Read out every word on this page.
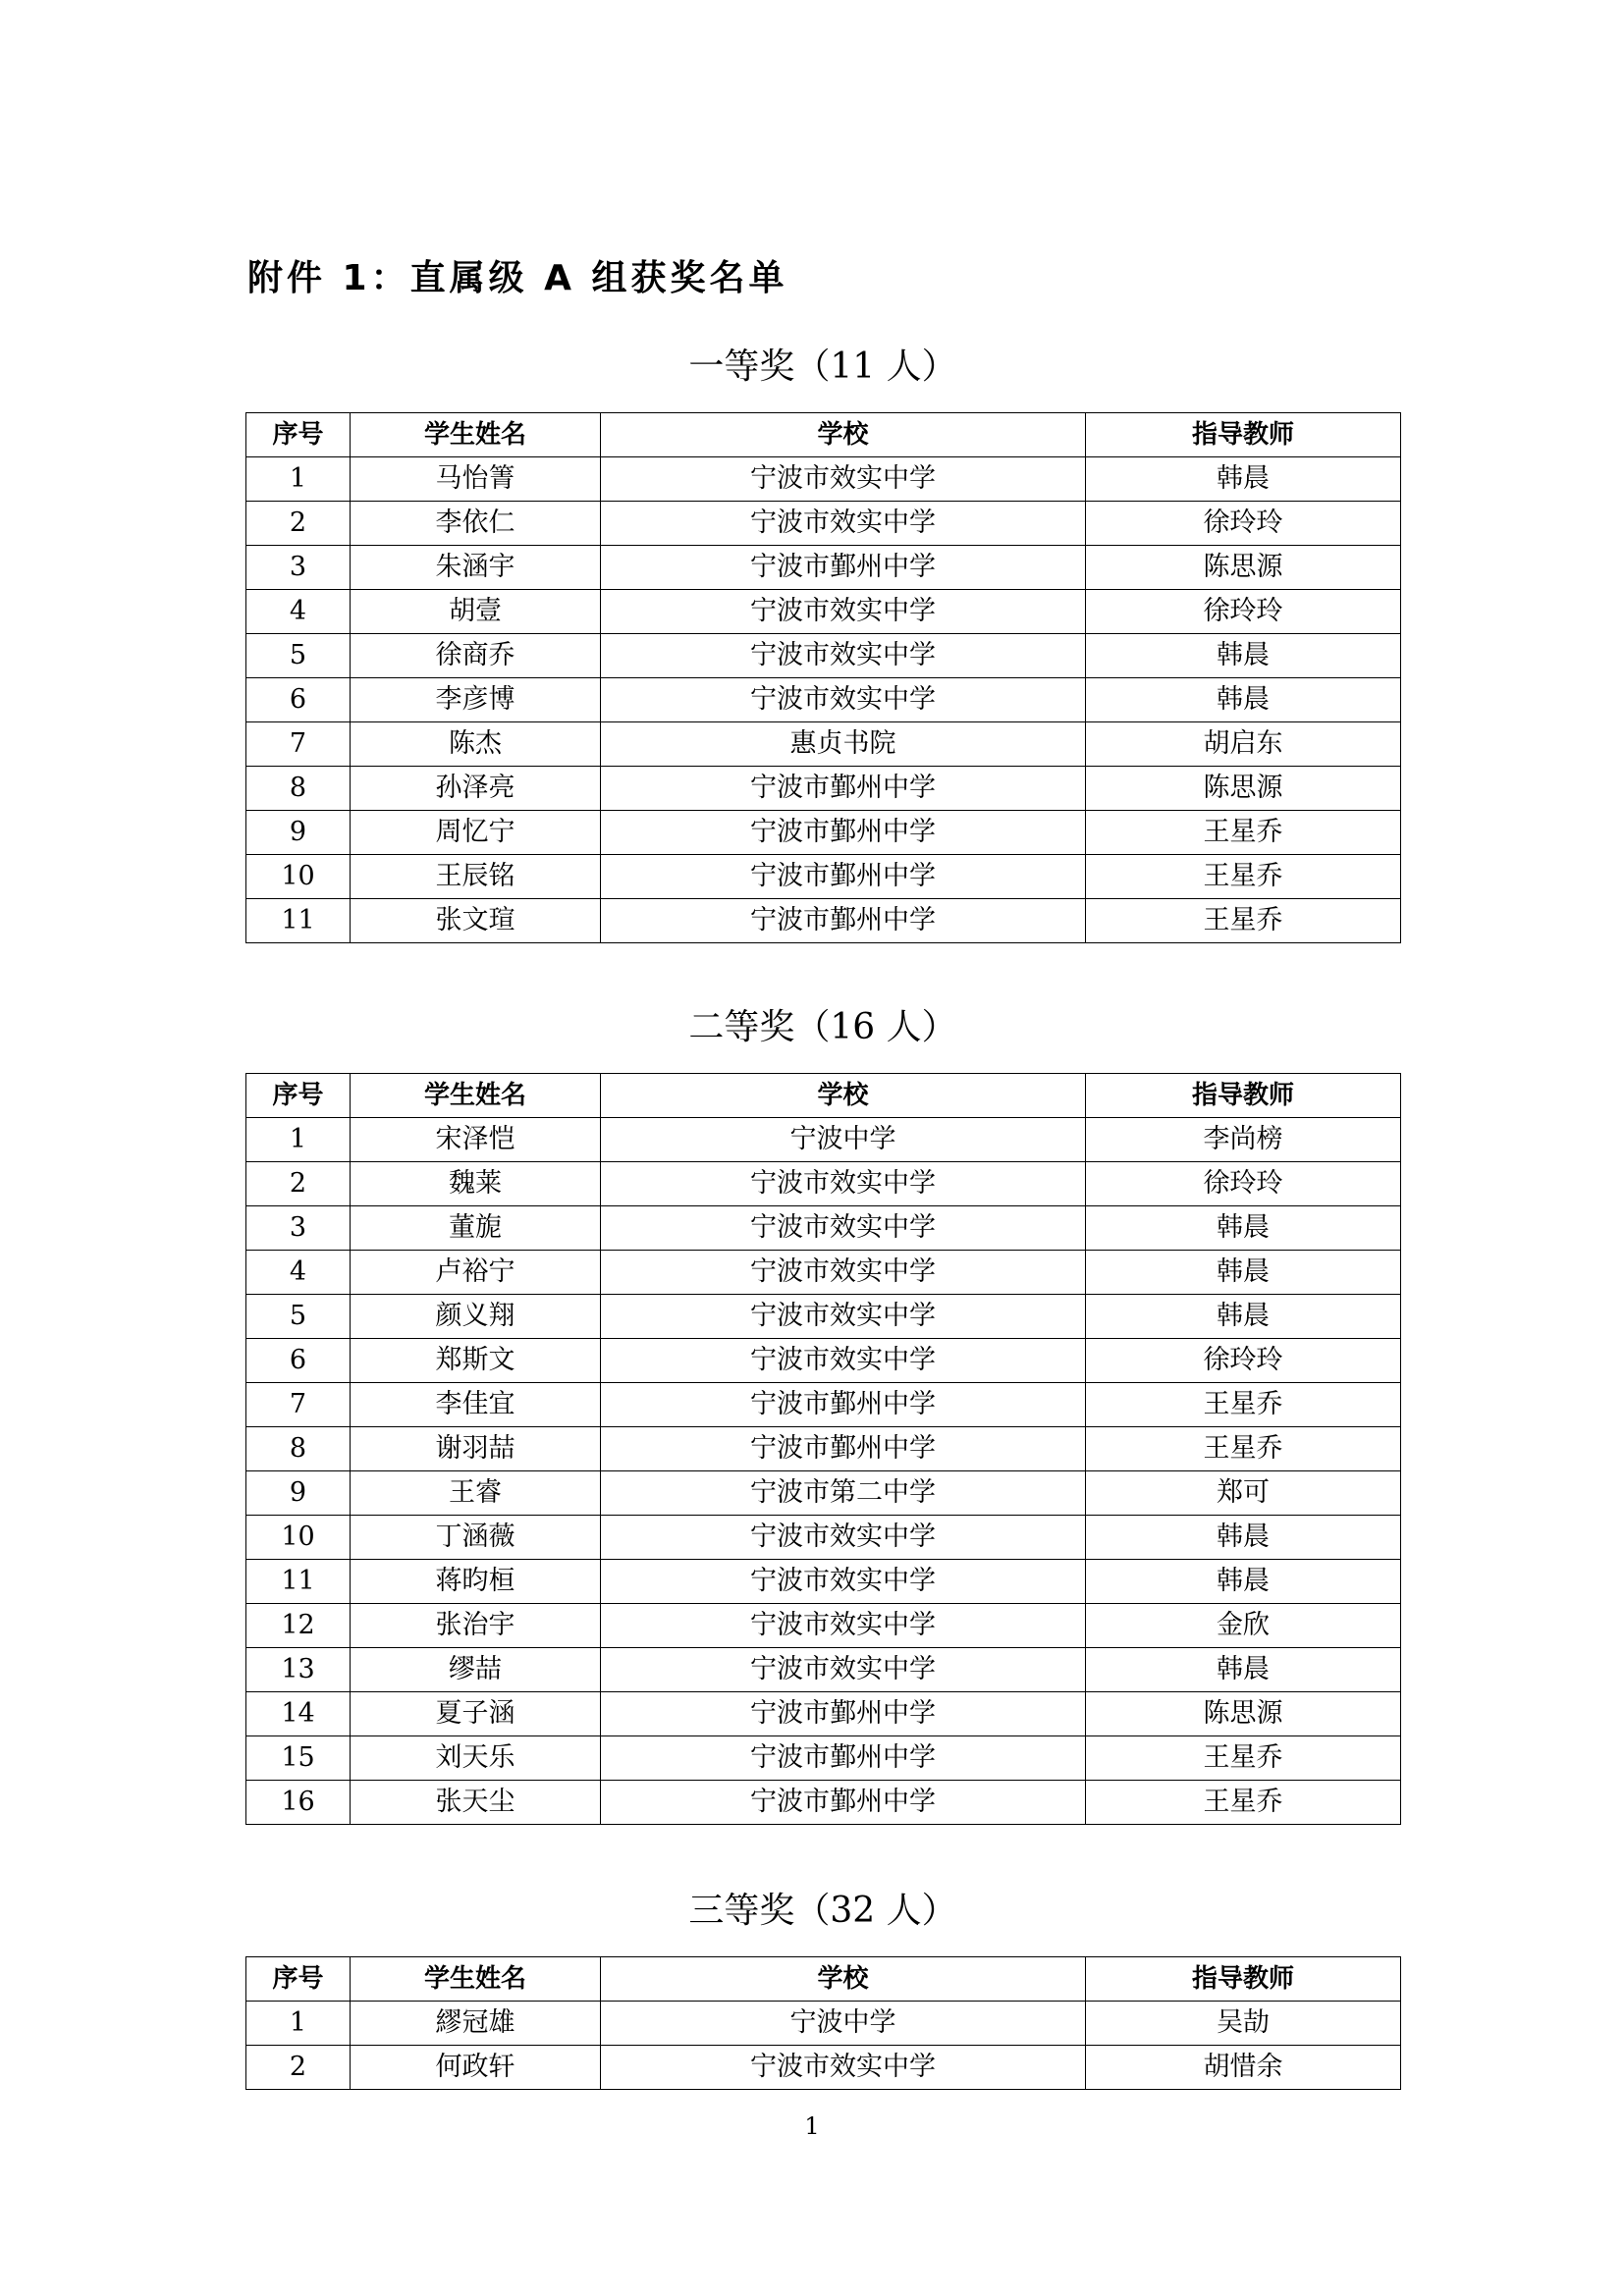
附件 1：直属级 A 组获奖名单
一等奖（11 人）
序号	学生姓名	学校	指导教师
1	马怡箐	宁波市效实中学	韩晨
2	李依仁	宁波市效实中学	徐玲玲
3	朱涵宇	宁波市鄞州中学	陈思源
4	胡壹	宁波市效实中学	徐玲玲
5	徐商乔	宁波市效实中学	韩晨
6	李彦博	宁波市效实中学	韩晨
7	陈杰	惠贞书院	胡启东
8	孙泽亮	宁波市鄞州中学	陈思源
9	周忆宁	宁波市鄞州中学	王星乔
10	王辰铭	宁波市鄞州中学	王星乔
11	张文瑄	宁波市鄞州中学	王星乔
二等奖（16 人）
序号	学生姓名	学校	指导教师
1	宋泽恺	宁波中学	李尚榜
2	魏莱	宁波市效实中学	徐玲玲
3	董旎	宁波市效实中学	韩晨
4	卢裕宁	宁波市效实中学	韩晨
5	颜义翔	宁波市效实中学	韩晨
6	郑斯文	宁波市效实中学	徐玲玲
7	李佳宜	宁波市鄞州中学	王星乔
8	谢羽喆	宁波市鄞州中学	王星乔
9	王睿	宁波市第二中学	郑可
10	丁涵薇	宁波市效实中学	韩晨
11	蒋昀桓	宁波市效实中学	韩晨
12	张治宇	宁波市效实中学	金欣
13	缪喆	宁波市效实中学	韩晨
14	夏子涵	宁波市鄞州中学	陈思源
15	刘天乐	宁波市鄞州中学	王星乔
16	张天尘	宁波市鄞州中学	王星乔
三等奖（32 人）
序号	学生姓名	学校	指导教师
1	繆冠雄	宁波中学	吴劼
2	何政轩	宁波市效实中学	胡惜余
1
